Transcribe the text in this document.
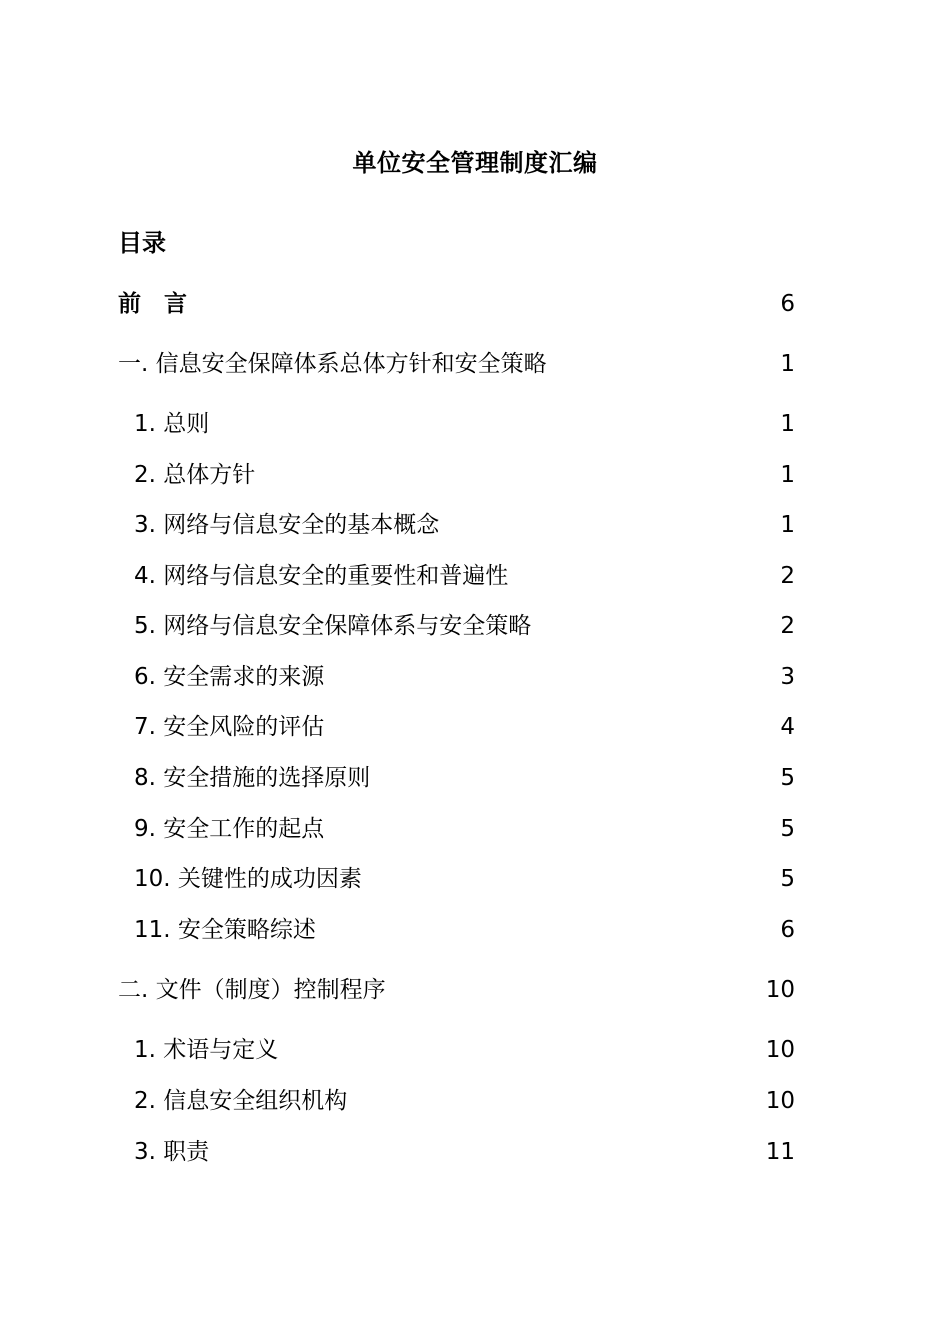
单位安全管理制度汇编
目录
前　言	6
一. 信息安全保障体系总体方针和安全策略	1
1. 总则	1
2. 总体方针	1
3. 网络与信息安全的基本概念	1
4. 网络与信息安全的重要性和普遍性	2
5. 网络与信息安全保障体系与安全策略	2
6. 安全需求的来源	3
7. 安全风险的评估	4
8. 安全措施的选择原则	5
9. 安全工作的起点	5
10. 关键性的成功因素	5
11. 安全策略综述	6
二. 文件（制度）控制程序	10
1. 术语与定义	10
2. 信息安全组织机构	10
3. 职责	11
